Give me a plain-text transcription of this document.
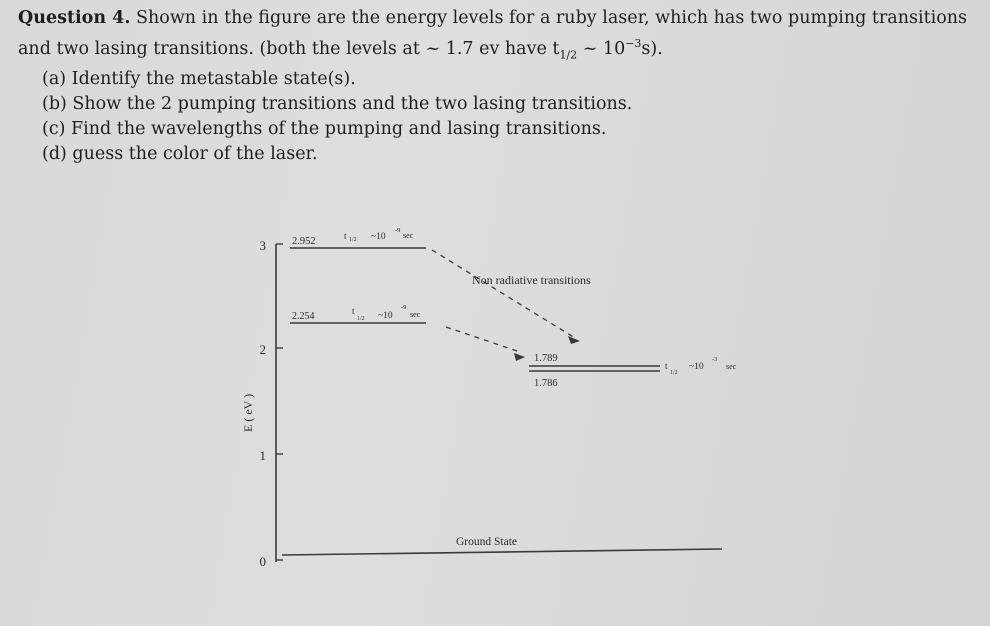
Question 4. Shown in the figure are the energy levels for a ruby laser, which has two pumping transitions
and two lasing transitions. (both the levels at ~ 1.7 ev have $t_{1/2}$ ~ $10^{-3}s$).
(a) Identify the metastable state(s).
(b) Show the 2 pumping transitions and the two lasing transitions.
(c) Find the wavelengths of the pumping and lasing transitions.
(d) guess the color of the laser.
3
2
1
0
E ( eV )
2.952	t 1/2 ~10
-9
sec
2.254	t
1/2 ~10
-9
sec
Non radiative transitions
1.789
1.786
t
1/2
~10
-3
sec
Ground State
